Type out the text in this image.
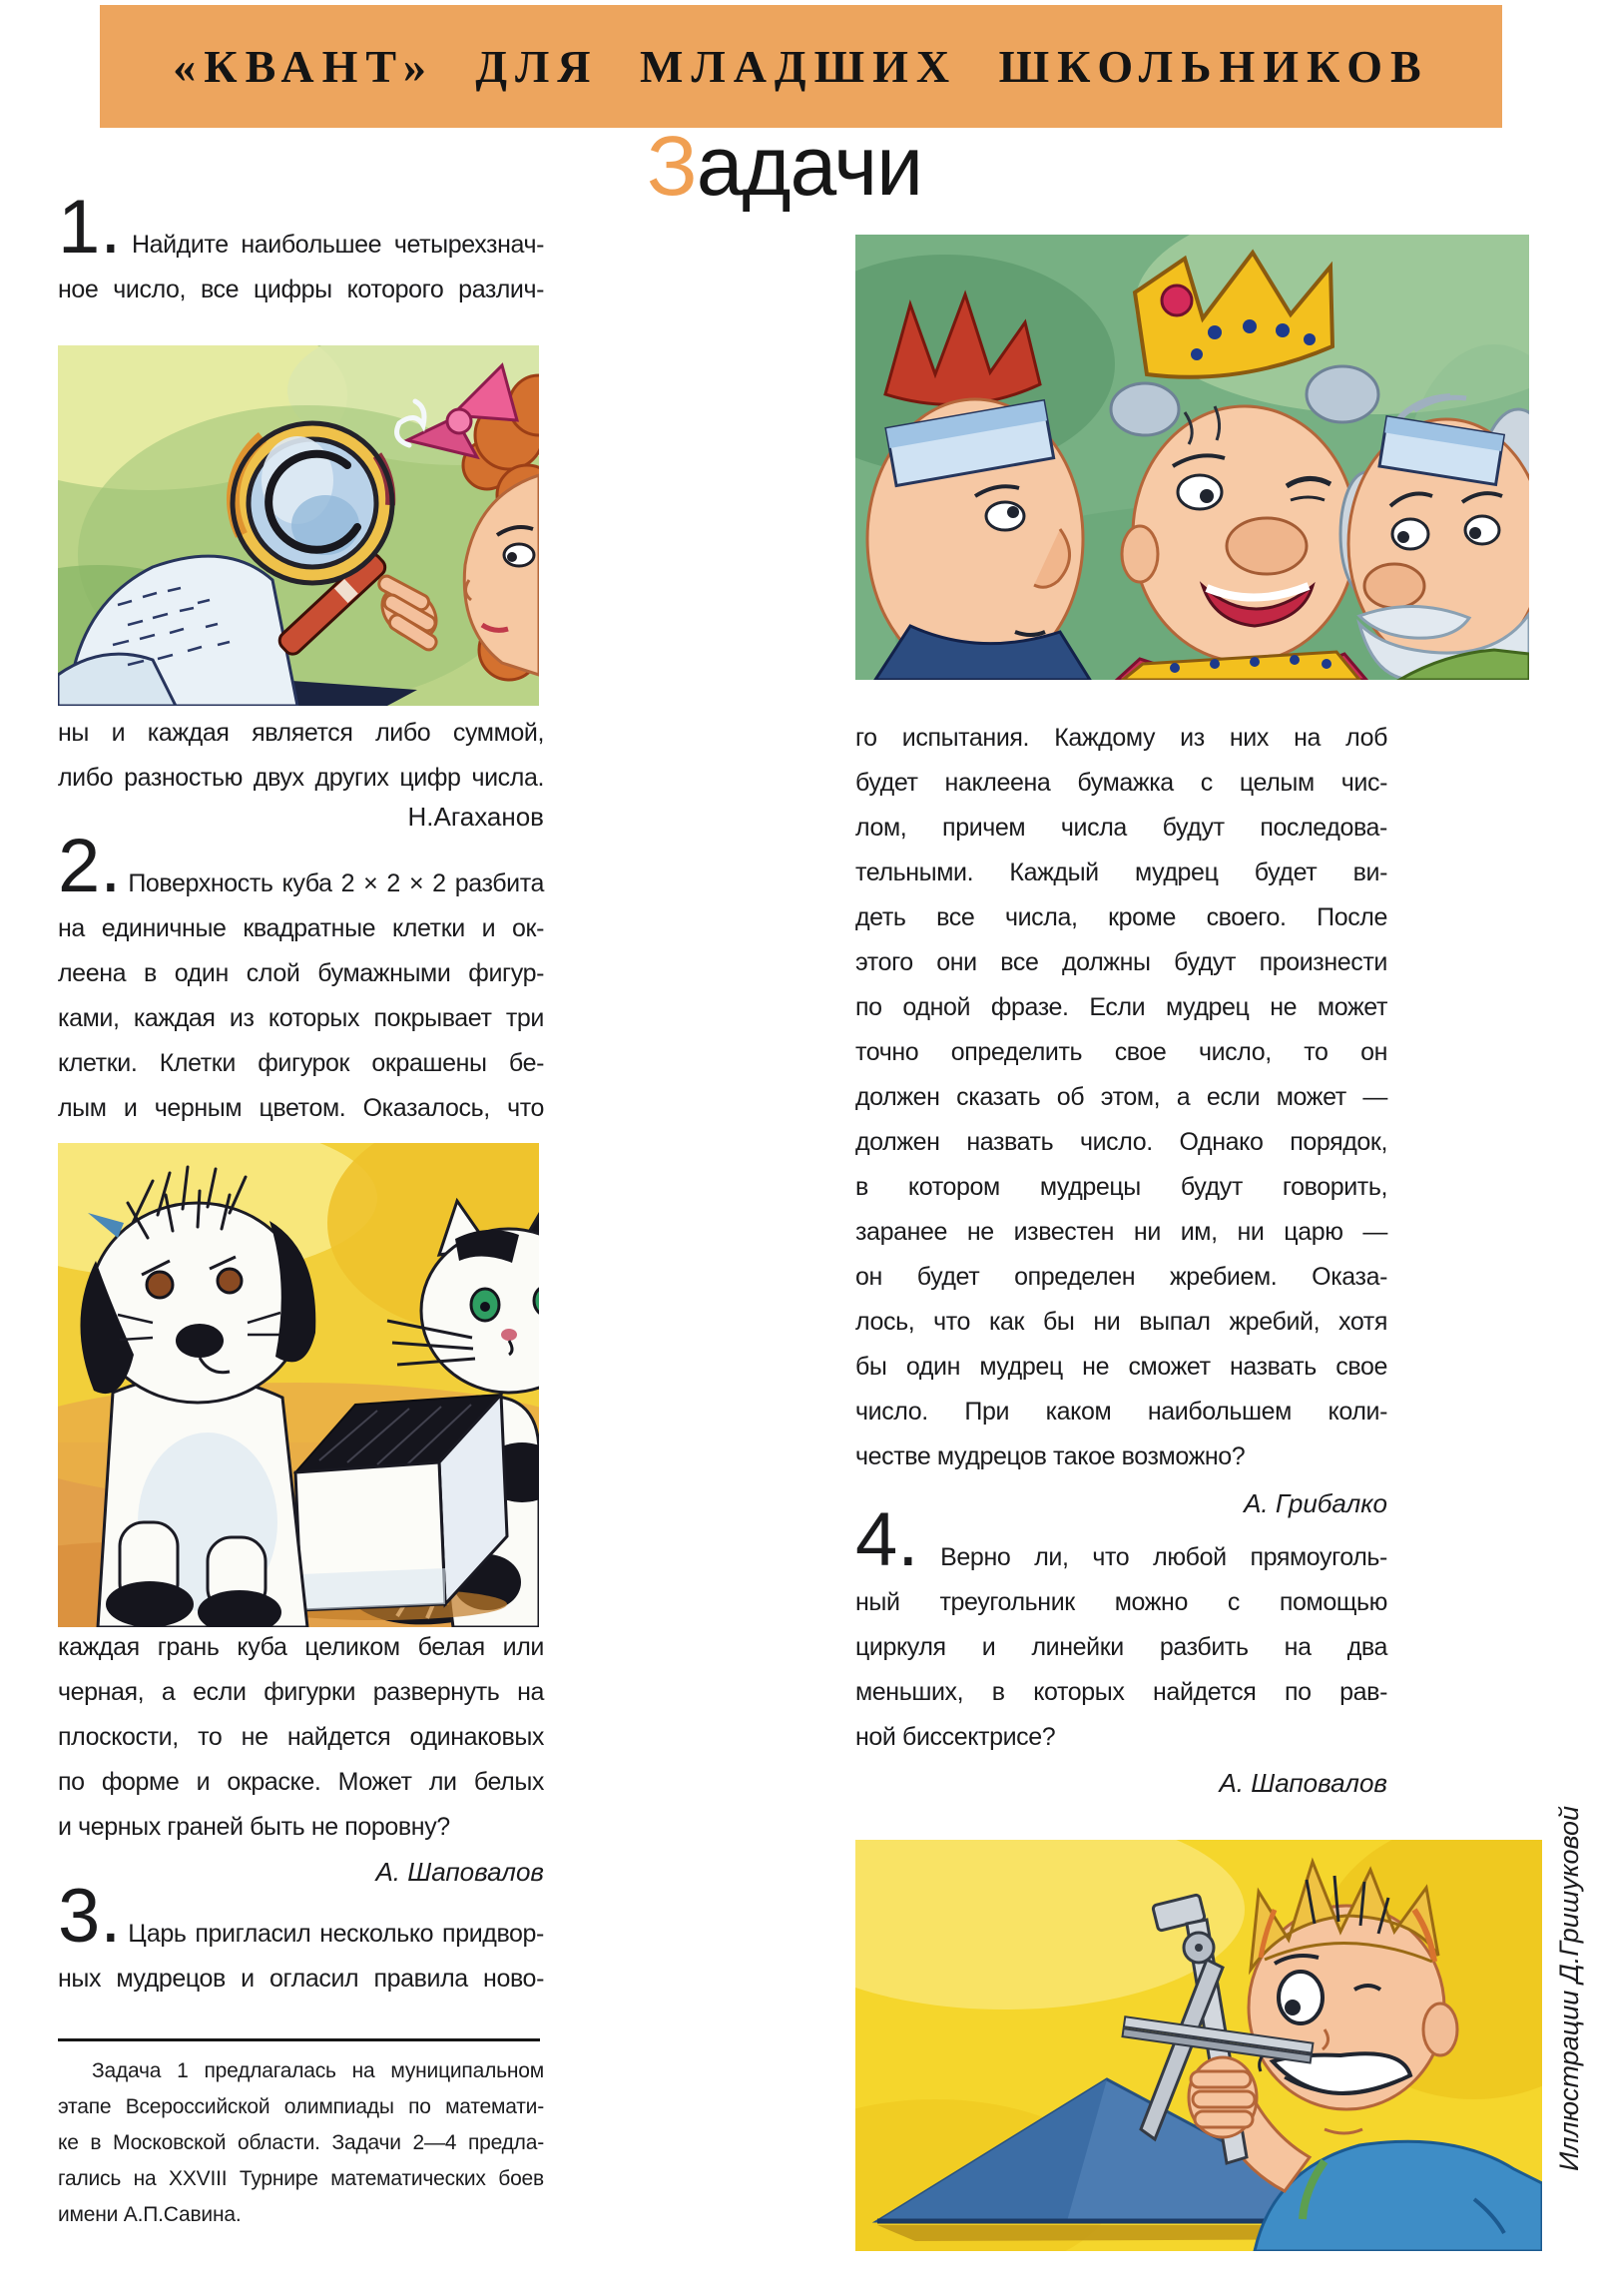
«КВАНТ» ДЛЯ МЛАДШИХ ШКОЛЬНИКОВ
Задачи
1. Найдите наибольшее четырехзнач-
ное число, все цифры которого различ-
ны и каждая является либо суммой,
либо разностью двух других цифр числа.
Н.Агаханов
2. Поверхность куба 2 × 2 × 2 разбита
на единичные квадратные клетки и ок-
леена в один слой бумажными фигур-
ками, каждая из которых покрывает три
клетки. Клетки фигурок окрашены бе-
лым и черным цветом. Оказалось, что
каждая грань куба целиком белая или
черная, а если фигурки развернуть на
плоскости, то не найдется одинаковых
по форме и окраске. Может ли белых
и черных граней быть не поровну?
А. Шаповалов
3. Царь пригласил несколько придвор-
ных мудрецов и огласил правила ново-
Задача 1 предлагалась на муниципальном
этапе Всероссийской олимпиады по математи-
ке в Московской области. Задачи 2—4 предла-
гались на XXVIII Турнире математических боев
имени А.П.Савина.
го испытания. Каждому из них на лоб
будет наклеена бумажка с целым чис-
лом, причем числа будут последова-
тельными. Каждый мудрец будет ви-
деть все числа, кроме своего. После
этого они все должны будут произнести
по одной фразе. Если мудрец не может
точно определить свое число, то он
должен сказать об этом, а если может —
должен назвать число. Однако порядок,
в котором мудрецы будут говорить,
заранее не известен ни им, ни царю —
он будет определен жребием. Оказа-
лось, что как бы ни выпал жребий, хотя
бы один мудрец не сможет назвать свое
число. При каком наибольшем коли-
честве мудрецов такое возможно?
А. Грибалко
4. Верно ли, что любой прямоуголь-
ный треугольник можно с помощью
циркуля и линейки разбить на два
меньших, в которых найдется по рав-
ной биссектрисе?
А. Шаповалов
Иллюстрации Д.Гришуковой
